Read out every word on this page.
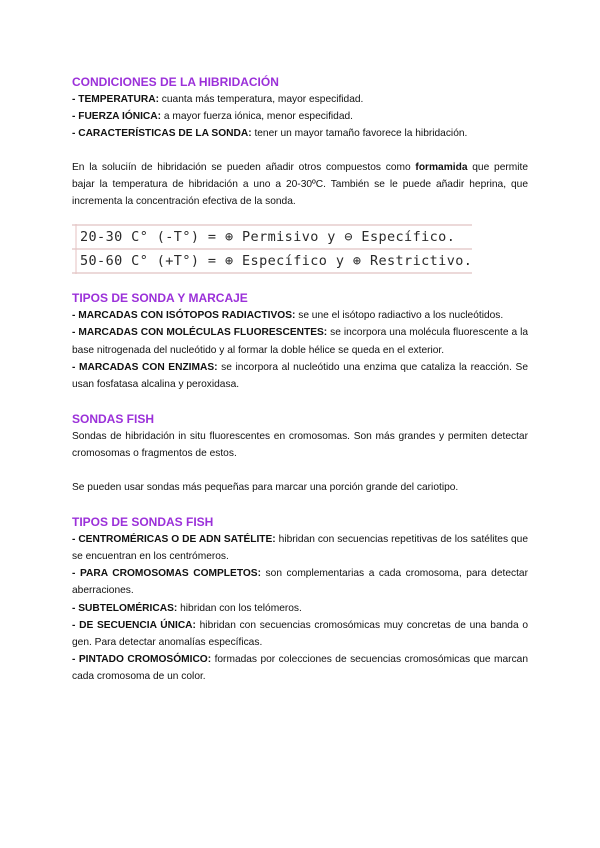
CONDICIONES DE LA HIBRIDACIÓN

- TEMPERATURA: cuanta más temperatura, mayor especifidad.

- FUERZA IÓNICA: a mayor fuerza iónica, menor especifidad.

- CARACTERÍSTICAS DE LA SONDA: tener un mayor tamaño favorece la hibridación.

En la soluciín de hibridación se pueden añadir otros compuestos como formamida que permite bajar la temperatura de hibridación a uno a 20-30ºC. También se le puede añadir heprina, que incrementa la concentración efectiva de la sonda.

20-30 C° (-T°) = ⊕ Permisivo y ⊖ Específico.
50-60 C° (+T°) = ⊕ Específico y ⊕ Restrictivo.
TIPOS DE SONDA Y MARCAJE

- MARCADAS CON ISÓTOPOS RADIACTIVOS: se une el isótopo radiactivo a los nucleótidos.

- MARCADAS CON MOLÉCULAS FLUORESCENTES: se incorpora una molécula fluorescente a la base nitrogenada del nucleótido y al formar la doble hélice se queda en el exterior.

- MARCADAS CON ENZIMAS: se incorpora al nucleótido una enzima que cataliza la reacción. Se usan fosfatasa alcalina y peroxidasa.

SONDAS FISH

Sondas de hibridación in situ fluorescentes en cromosomas. Son más grandes y permiten detectar cromosomas o fragmentos de estos.

Se pueden usar sondas más pequeñas para marcar una porción grande del cariotipo.

TIPOS DE SONDAS FISH

- CENTROMÉRICAS O DE ADN SATÉLITE: hibridan con secuencias repetitivas de los satélites que se encuentran en los centrómeros.

- PARA CROMOSOMAS COMPLETOS: son complementarias a cada cromosoma, para detectar aberraciones.

- SUBTELOMÉRICAS: hibridan con los telómeros.

- DE SECUENCIA ÚNICA: hibridan con secuencias cromosómicas muy concretas de una banda o gen. Para detectar anomalías específicas.

- PINTADO CROMOSÓMICO: formadas por colecciones de secuencias cromosómicas que marcan cada cromosoma de un color.
